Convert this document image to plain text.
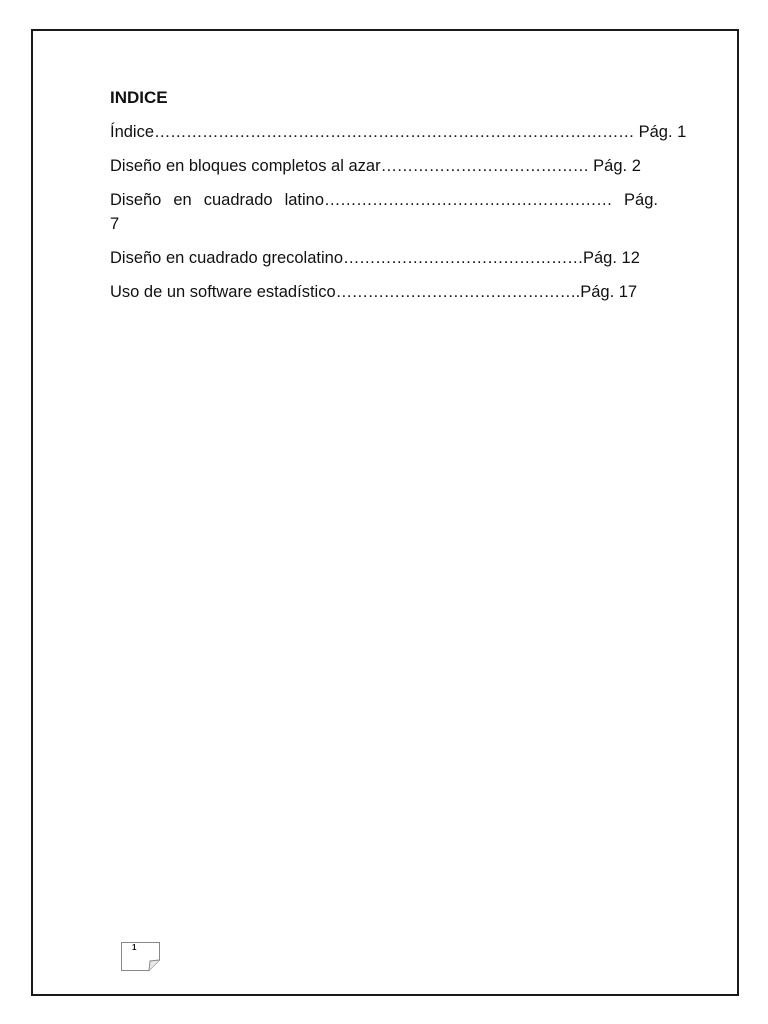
INDICE
Índice……………………………………………………………………………… Pág. 1
Diseño en bloques completos al azar………………………………… Pág. 2
Diseño en cuadrado latino……………………………………………… Pág. 7
Diseño en cuadrado grecolatino………………………………………Pág. 12
Uso de un software estadístico……………………………………….Pág. 17
1
